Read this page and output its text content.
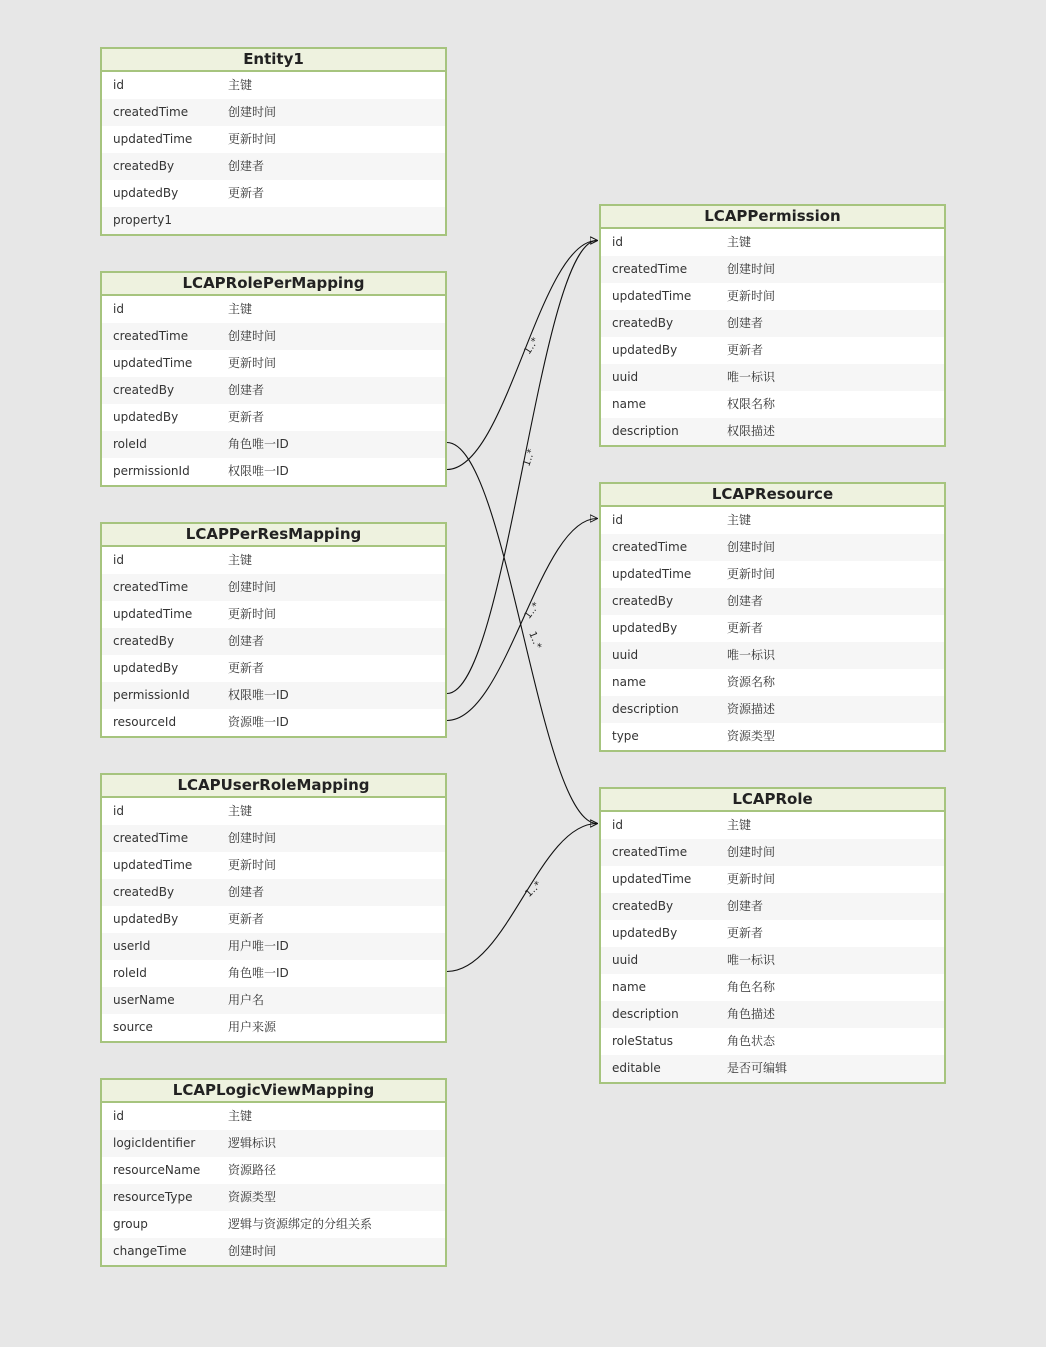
Entity1
id	主键
createdTime	创建时间
updatedTime	更新时间
createdBy	创建者
updatedBy	更新者
property1
LCAPRolePerMapping
id	主键
createdTime	创建时间
updatedTime	更新时间
createdBy	创建者
updatedBy	更新者
roleId	角色唯一ID
permissionId	权限唯一ID
LCAPPerResMapping
id	主键
createdTime	创建时间
updatedTime	更新时间
createdBy	创建者
updatedBy	更新者
permissionId	权限唯一ID
resourceId	资源唯一ID
LCAPUserRoleMapping
id	主键
createdTime	创建时间
updatedTime	更新时间
createdBy	创建者
updatedBy	更新者
userId	用户唯一ID
roleId	角色唯一ID
userName	用户名
source	用户来源
LCAPLogicViewMapping
id	主键
logicIdentifier	逻辑标识
resourceName 资源路径
resourceType	资源类型
group	逻辑与资源绑定的分组关系
changeTime	创建时间
LCAPPermission
id	主键
createdTime	创建时间
updatedTime	更新时间
createdBy	创建者
updatedBy	更新者
uuid	唯一标识
name	权限名称
description	权限描述
LCAPResource
id	主键
createdTime	创建时间
updatedTime	更新时间
createdBy	创建者
updatedBy	更新者
uuid	唯一标识
name	资源名称
description	资源描述
type	资源类型
LCAPRole
id	主键
createdTime	创建时间
updatedTime	更新时间
createdBy	创建者
updatedBy	更新者
uuid	唯一标识
name	角色名称
description	角色描述
roleStatus	角色状态
editable	是否可编辑
1..*
1..*
1..*
1..*
1..*
